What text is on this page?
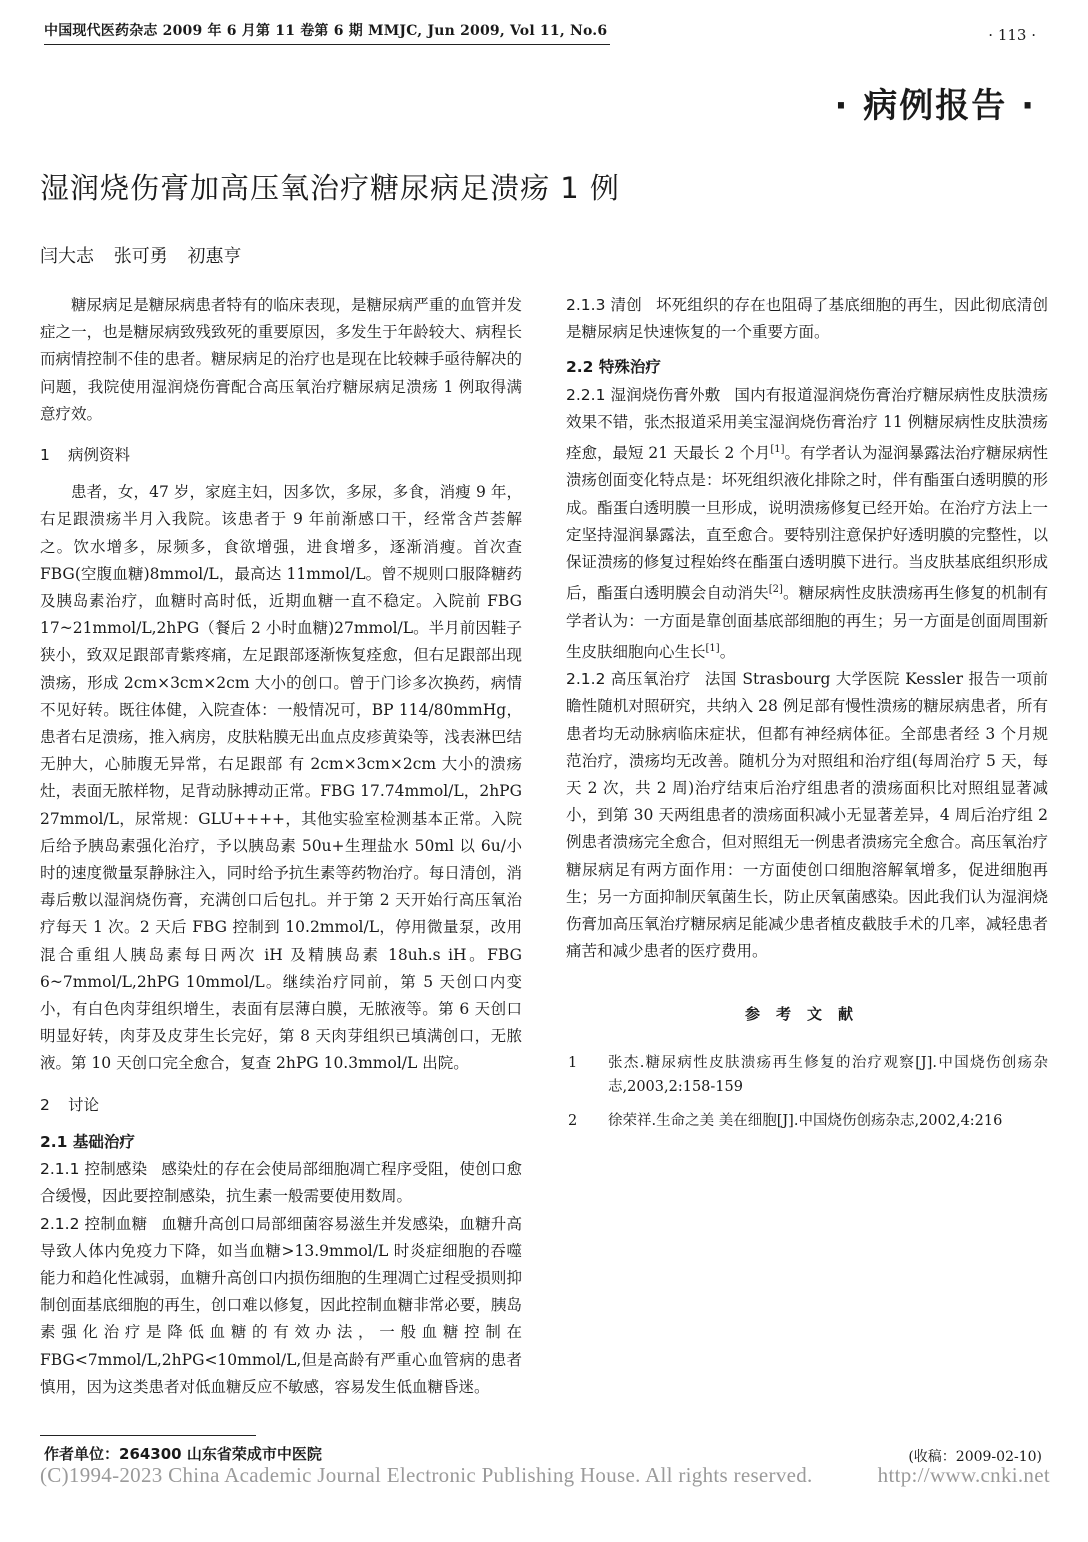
中国现代医药杂志 2009 年 6 月第 11 卷第 6 期 MMJC, Jun 2009, Vol 11, No.6	· 113 ·
· 病例报告 ·
湿润烧伤膏加高压氧治疗糖尿病足溃疡 1 例
闫大志 张可勇 初惠亨

糖尿病足是糖尿病患者特有的临床表现，是糖尿病严重的血管并发症之一，也是糖尿病致残致死的重要原因，多发生于年龄较大、病程长而病情控制不佳的患者。糖尿病足的治疗也是现在比较棘手亟待解决的问题，我院使用湿润烧伤膏配合高压氧治疗糖尿病足溃疡 1 例取得满意疗效。

1 病例资料

患者，女，47 岁，家庭主妇，因多饮，多尿，多食，消瘦 9 年，右足跟溃疡半月入我院。该患者于 9 年前渐感口干，经常含芦荟解之。饮水增多，尿频多，食欲增强，进食增多，逐渐消瘦。首次查 FBG(空腹血糖)8mmol/L，最高达 11mmol/L。曾不规则口服降糖药及胰岛素治疗，血糖时高时低，近期血糖一直不稳定。入院前 FBG 17~21mmol/L,2hPG（餐后 2 小时血糖)27mmol/L。半月前因鞋子狭小，致双足跟部青紫疼痛，左足跟部逐渐恢复痊愈，但右足跟部出现溃疡，形成 2cm×3cm×2cm 大小的创口。曾于门诊多次换药，病情不见好转。既往体健，入院查体：一般情况可，BP 114/80mmHg，患者右足溃疡，推入病房，皮肤粘膜无出血点皮疹黄染等，浅表淋巴结无肿大，心肺腹无异常，右足跟部 有 2cm×3cm×2cm 大小的溃疡灶，表面无脓样物，足背动脉搏动正常。FBG 17.74mmol/L，2hPG 27mmol/L，尿常规：GLU++++，其他实验室检测基本正常。入院后给予胰岛素强化治疗，予以胰岛素 50u+生理盐水 50ml 以 6u/小时的速度微量泵静脉注入，同时给予抗生素等药物治疗。每日清创，消毒后敷以湿润烧伤膏，充满创口后包扎。并于第 2 天开始行高压氧治疗每天 1 次。2 天后 FBG 控制到 10.2mmol/L，停用微量泵，改用混合重组人胰岛素每日两次 iH 及精胰岛素 18uh.s iH。FBG 6~7mmol/L,2hPG 10mmol/L。继续治疗同前，第 5 天创口内变小，有白色肉芽组织增生，表面有层薄白膜，无脓液等。第 6 天创口明显好转，肉芽及皮芽生长完好，第 8 天肉芽组织已填满创口，无脓液。第 10 天创口完全愈合，复查 2hPG 10.3mmol/L 出院。

2 讨论
2.1 基础治疗

2.1.1 控制感染 感染灶的存在会使局部细胞凋亡程序受阻，使创口愈合缓慢，因此要控制感染，抗生素一般需要使用数周。

2.1.2 控制血糖 血糖升高创口局部细菌容易滋生并发感染，血糖升高导致人体内免疫力下降，如当血糖>13.9mmol/L 时炎症细胞的吞噬能力和趋化性减弱，血糖升高创口内损伤细胞的生理凋亡过程受损则抑制创面基底细胞的再生，创口难以修复，因此控制血糖非常必要，胰岛素强化治疗是降低血糖的有效办法，一般血糖控制在 FBG<7mmol/L,2hPG<10mmol/L,但是高龄有严重心血管病的患者慎用，因为这类患者对低血糖反应不敏感，容易发生低血糖昏迷。

2.1.3 清创 坏死组织的存在也阻碍了基底细胞的再生，因此彻底清创是糖尿病足快速恢复的一个重要方面。

2.2 特殊治疗

2.2.1 湿润烧伤膏外敷 国内有报道湿润烧伤膏治疗糖尿病性皮肤溃疡效果不错，张杰报道采用美宝湿润烧伤膏治疗 11 例糖尿病性皮肤溃疡痊愈，最短 21 天最长 2 个月[1]。有学者认为湿润暴露法治疗糖尿病性溃疡创面变化特点是：坏死组织液化排除之时，伴有酯蛋白透明膜的形成。酯蛋白透明膜一旦形成，说明溃疡修复已经开始。在治疗方法上一定坚持湿润暴露法，直至愈合。要特别注意保护好透明膜的完整性，以保证溃疡的修复过程始终在酯蛋白透明膜下进行。当皮肤基底组织形成后，酯蛋白透明膜会自动消失[2]。糖尿病性皮肤溃疡再生修复的机制有学者认为：一方面是靠创面基底部细胞的再生；另一方面是创面周围新生皮肤细胞向心生长[1]。

2.1.2 高压氧治疗 法国 Strasbourg 大学医院 Kessler 报告一项前瞻性随机对照研究，共纳入 28 例足部有慢性溃疡的糖尿病患者，所有患者均无动脉病临床症状，但都有神经病体征。全部患者经 3 个月规范治疗，溃疡均无改善。随机分为对照组和治疗组(每周治疗 5 天，每天 2 次，共 2 周)治疗结束后治疗组患者的溃疡面积比对照组显著减小，到第 30 天两组患者的溃疡面积减小无显著差异，4 周后治疗组 2 例患者溃疡完全愈合，但对照组无一例患者溃疡完全愈合。高压氧治疗糖尿病足有两方面作用：一方面使创口细胞溶解氧增多，促进细胞再生；另一方面抑制厌氧菌生长，防止厌氧菌感染。因此我们认为湿润烧伤膏加高压氧治疗糖尿病足能减少患者植皮截肢手术的几率，减轻患者痛苦和减少患者的医疗费用。

参考文献
1	张杰.糖尿病性皮肤溃疡再生修复的治疗观察[J].中国烧伤创疡杂志,2003,2:158-159
2	徐荣祥.生命之美 美在细胞[J].中国烧伤创疡杂志,2002,4:216
作者单位：264300 山东省荣成市中医院	(收稿：2009-02-10)
(C)1994-2023 China Academic Journal Electronic Publishing House. All rights reserved.	http://www.cnki.net
